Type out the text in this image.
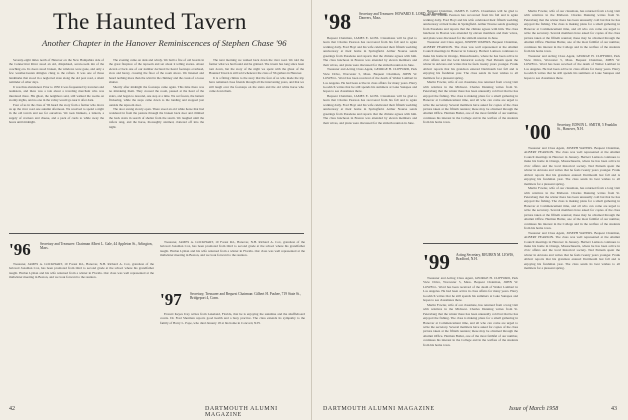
The Haunted Tavern
Another Chapter in the Hanover Reminiscences of Stephen Chase '96

Seventy-eight miles north of Hanover on the New Hampshire side of the Connecticut River stood an old, dilapidated, seven-room inn of the coaching era. Its doors stood broken, the windows were gone, and only a few weather-beaten shingles clung to the rafters. It was one of those landmarks that stood in a neglected state along the old post road, a silent reminder of other days.

It was thus abandoned. Prior to 1850 it was frequented by travelers and teamsters, and there was a tale about a traveling merchant who was murdered there. His ghost, the neighbors said, still walked the rooms on stormy nights, and no one in the valley would go near it after dark.

Four of us in the class of '96 heard the story from a farmer who drove us up the river road one autumn afternoon. We resolved to spend a night in the old tavern and see for ourselves. We took blankets, a lantern, a supply of crackers and cheese, and a pack of cards to while away the hours until midnight.

The evening came on dark and windy. We built a fire of old boards in the great fireplace of the taproom and sat about it telling stories. About eleven o'clock one of our number declared he heard footsteps overhead, slow and heavy, crossing the floor of the room above. We listened and heard nothing more than the wind in the chimney and the creak of a loose shutter.

Shortly after midnight the footsteps came again. This time there was no mistaking them. They crossed the room, paused at the head of the stairs, and began to descend, one step at a time. We sat frozen, the lantern flickering, while the steps came down to the landing and stopped just outside the taproom door.

The door swung slowly open. There stood an old white horse that had wandered in from the pasture through the broken back door and climbed the back stairs in search of shelter from the storm. We laughed until the rafters rang, and the horse, thoroughly alarmed, clattered off into the night.

The next morning we walked back down the river road. We told the farmer what we had found and he grinned. The tavern has long since been torn down, but the story of the night we spent with the ghost of the Haunted Tavern is still told whenever the class of '96 gathers in Hanover.

It is a fitting climax to the story that the four of us who made the trip have remained close friends through all the intervening years, and that we still laugh over the footsteps on the stairs and the old white horse who came down them.

'96	Secretary and Treasurer: Chairman Albert L. Gale, 44 Appleton St., Arlington, Mass.

Treasurer, JAMES A. LOCKHART, 10 Forest Rd., Hanover, N.H. Richard A. Cox, grandson of the beloved Jonathan Cox, has been promoted from third to second grade at the school where his grandfather taught. Harlan Lyman and his wife returned from a winter in Florida. Our class was well represented at the midwinter meeting in Boston, and we look forward to the reunion.

Treasurer, JAMES A. LOCKHART, 10 Forest Rd., Hanover, N.H. Richard A. Cox, grandson of the beloved Jonathan Cox, has been promoted from third to second grade at the school where his grandfather taught. Harlan Lyman and his wife returned from a winter in Florida. Our class was well represented at the midwinter meeting in Boston, and we look forward to the reunion.

'97 Secretary, Treasurer and Bequest Chairman: Gilbert H. Pushee, 719 State St., Bridgeport 4, Conn.

Everett Keyes Ivey writes from Lakeland, Florida, that he is enjoying the sunshine and the shuffleboard courts. Dr. Fred Sherman reports good health and a busy practice. The class extends its sympathy to the family of Harry L. Pope, who died January 18 at his home in Concord, N.H.

42	DARTMOUTH ALUMNI MAGAZINE
'98 Secretary and Treasurer: HOWARD E. LORD, 40 Broadway, Danvers, Mass.

Bequest Chairman, JAMES E. GOSS. Classmates will be glad to learn that Charles Pearson has recovered from his fall and is again walking daily. Fred Hoyt and his wife celebrated their fiftieth wedding anniversary at their home in Springfield. Arthur Nourse sends greetings from Pasadena and reports that the climate agrees with him. The class luncheon in Boston was attended by eleven members and their wives, and plans were discussed for the sixtieth reunion in June.

Treasurer and Acting Class Agent, GEORGE H. CLIFFORD, Park View Drive, Worcester 5, Mass. Bequest Chairman, JOHN W. LOWELL. Word has been received of the death of Walter Lambert in Los Angeles. He had been active in class affairs for many years. Harry Goodrich writes that he still spends his summers at Lake Sunapee and hopes to see classmates there.

Bequest Chairman, JAMES E. GOSS. Classmates will be glad to learn that Charles Pearson has recovered from his fall and is again walking daily. Fred Hoyt and his wife celebrated their fiftieth wedding anniversary at their home in Springfield. Arthur Nourse sends greetings from Pasadena and reports that the climate agrees with him. The class luncheon in Boston was attended by eleven members and their wives, and plans were discussed for the sixtieth reunion in June.

Bequest Chairman, JAMES E. GOSS. Classmates will be glad to learn that Charles Pearson has recovered from his fall and is again walking daily. Fred Hoyt and his wife celebrated their fiftieth wedding anniversary at their home in Springfield. Arthur Nourse sends greetings from Pasadena and reports that the climate agrees with him. The class luncheon in Boston was attended by eleven members and their wives, and plans were discussed for the sixtieth reunion in June.

Treasurer and Class Agent, JOSEPH WATERS. Bequest Chairman, ALBERT PEARSON. The class was well represented at the Alumni Council meetings in Hanover in January. Herbert Lamson continues to make his home in Orange, Massachusetts, where he has been active in civic affairs and the local historical society. Ned Putnam spent the winter in Arizona and writes that he feels twenty years younger. Frank Abbott reports that his grandson entered Dartmouth last fall and is enjoying his freshman year. The class sends its best wishes to all members for a pleasant spring.

Martin Fowler, wife of our classmate, has returned from a long visit with relatives in the Midwest. Charles Dunning writes from St. Petersburg that the winter there has been unusually cold but that he has enjoyed the fishing. The class is making plans for a small gathering in Hanover at Commencement time, and all who can come are urged to write the secretary. Several members have asked for copies of the class picture taken at the fiftieth reunion; these may be obtained through the Alumni Office. Herman Butler, one of the most faithful of our number, continues his interest in the College and in the welfare of the students from his home town.

'99 Acting Secretary, REUBEN M. LEWIS, Bradford, N.H.

Treasurer and Acting Class Agent, GEORGE H. CLIFFORD, Park View Drive, Worcester 5, Mass. Bequest Chairman, JOHN W. LOWELL. Word has been received of the death of Walter Lambert in Los Angeles. He had been active in class affairs for many years. Harry Goodrich writes that he still spends his summers at Lake Sunapee and hopes to see classmates there.

Martin Fowler, wife of our classmate, has returned from a long visit with relatives in the Midwest. Charles Dunning writes from St. Petersburg that the winter there has been unusually cold but that he has enjoyed the fishing. The class is making plans for a small gathering in Hanover at Commencement time, and all who can come are urged to write the secretary. Several members have asked for copies of the class picture taken at the fiftieth reunion; these may be obtained through the Alumni Office. Herman Butler, one of the most faithful of our number, continues his interest in the College and in the welfare of the students from his home town.

'00 Secretary, EDWIN L. SMITH, 5 Franklin St., Hanover, N.H.

Martin Fowler, wife of our classmate, has returned from a long visit with relatives in the Midwest. Charles Dunning writes from St. Petersburg that the winter there has been unusually cold but that he has enjoyed the fishing. The class is making plans for a small gathering in Hanover at Commencement time, and all who can come are urged to write the secretary. Several members have asked for copies of the class picture taken at the fiftieth reunion; these may be obtained through the Alumni Office. Herman Butler, one of the most faithful of our number, continues his interest in the College and in the welfare of the students from his home town.

Treasurer and Acting Class Agent, GEORGE H. CLIFFORD, Park View Drive, Worcester 5, Mass. Bequest Chairman, JOHN W. LOWELL. Word has been received of the death of Walter Lambert in Los Angeles. He had been active in class affairs for many years. Harry Goodrich writes that he still spends his summers at Lake Sunapee and hopes to see classmates there.

Treasurer and Class Agent, JOSEPH WATERS. Bequest Chairman, ALBERT PEARSON. The class was well represented at the Alumni Council meetings in Hanover in January. Herbert Lamson continues to make his home in Orange, Massachusetts, where he has been active in civic affairs and the local historical society. Ned Putnam spent the winter in Arizona and writes that he feels twenty years younger. Frank Abbott reports that his grandson entered Dartmouth last fall and is enjoying his freshman year. The class sends its best wishes to all members for a pleasant spring.

Martin Fowler, wife of our classmate, has returned from a long visit with relatives in the Midwest. Charles Dunning writes from St. Petersburg that the winter there has been unusually cold but that he has enjoyed the fishing. The class is making plans for a small gathering in Hanover at Commencement time, and all who can come are urged to write the secretary. Several members have asked for copies of the class picture taken at the fiftieth reunion; these may be obtained through the Alumni Office. Herman Butler, one of the most faithful of our number, continues his interest in the College and in the welfare of the students from his home town.

Treasurer and Class Agent, JOSEPH WATERS. Bequest Chairman, ALBERT PEARSON. The class was well represented at the Alumni Council meetings in Hanover in January. Herbert Lamson continues to make his home in Orange, Massachusetts, where he has been active in civic affairs and the local historical society. Ned Putnam spent the winter in Arizona and writes that he feels twenty years younger. Frank Abbott reports that his grandson entered Dartmouth last fall and is enjoying his freshman year. The class sends its best wishes to all members for a pleasant spring.

DARTMOUTH ALUMNI MAGAZINE	Issue of March 1958	43
